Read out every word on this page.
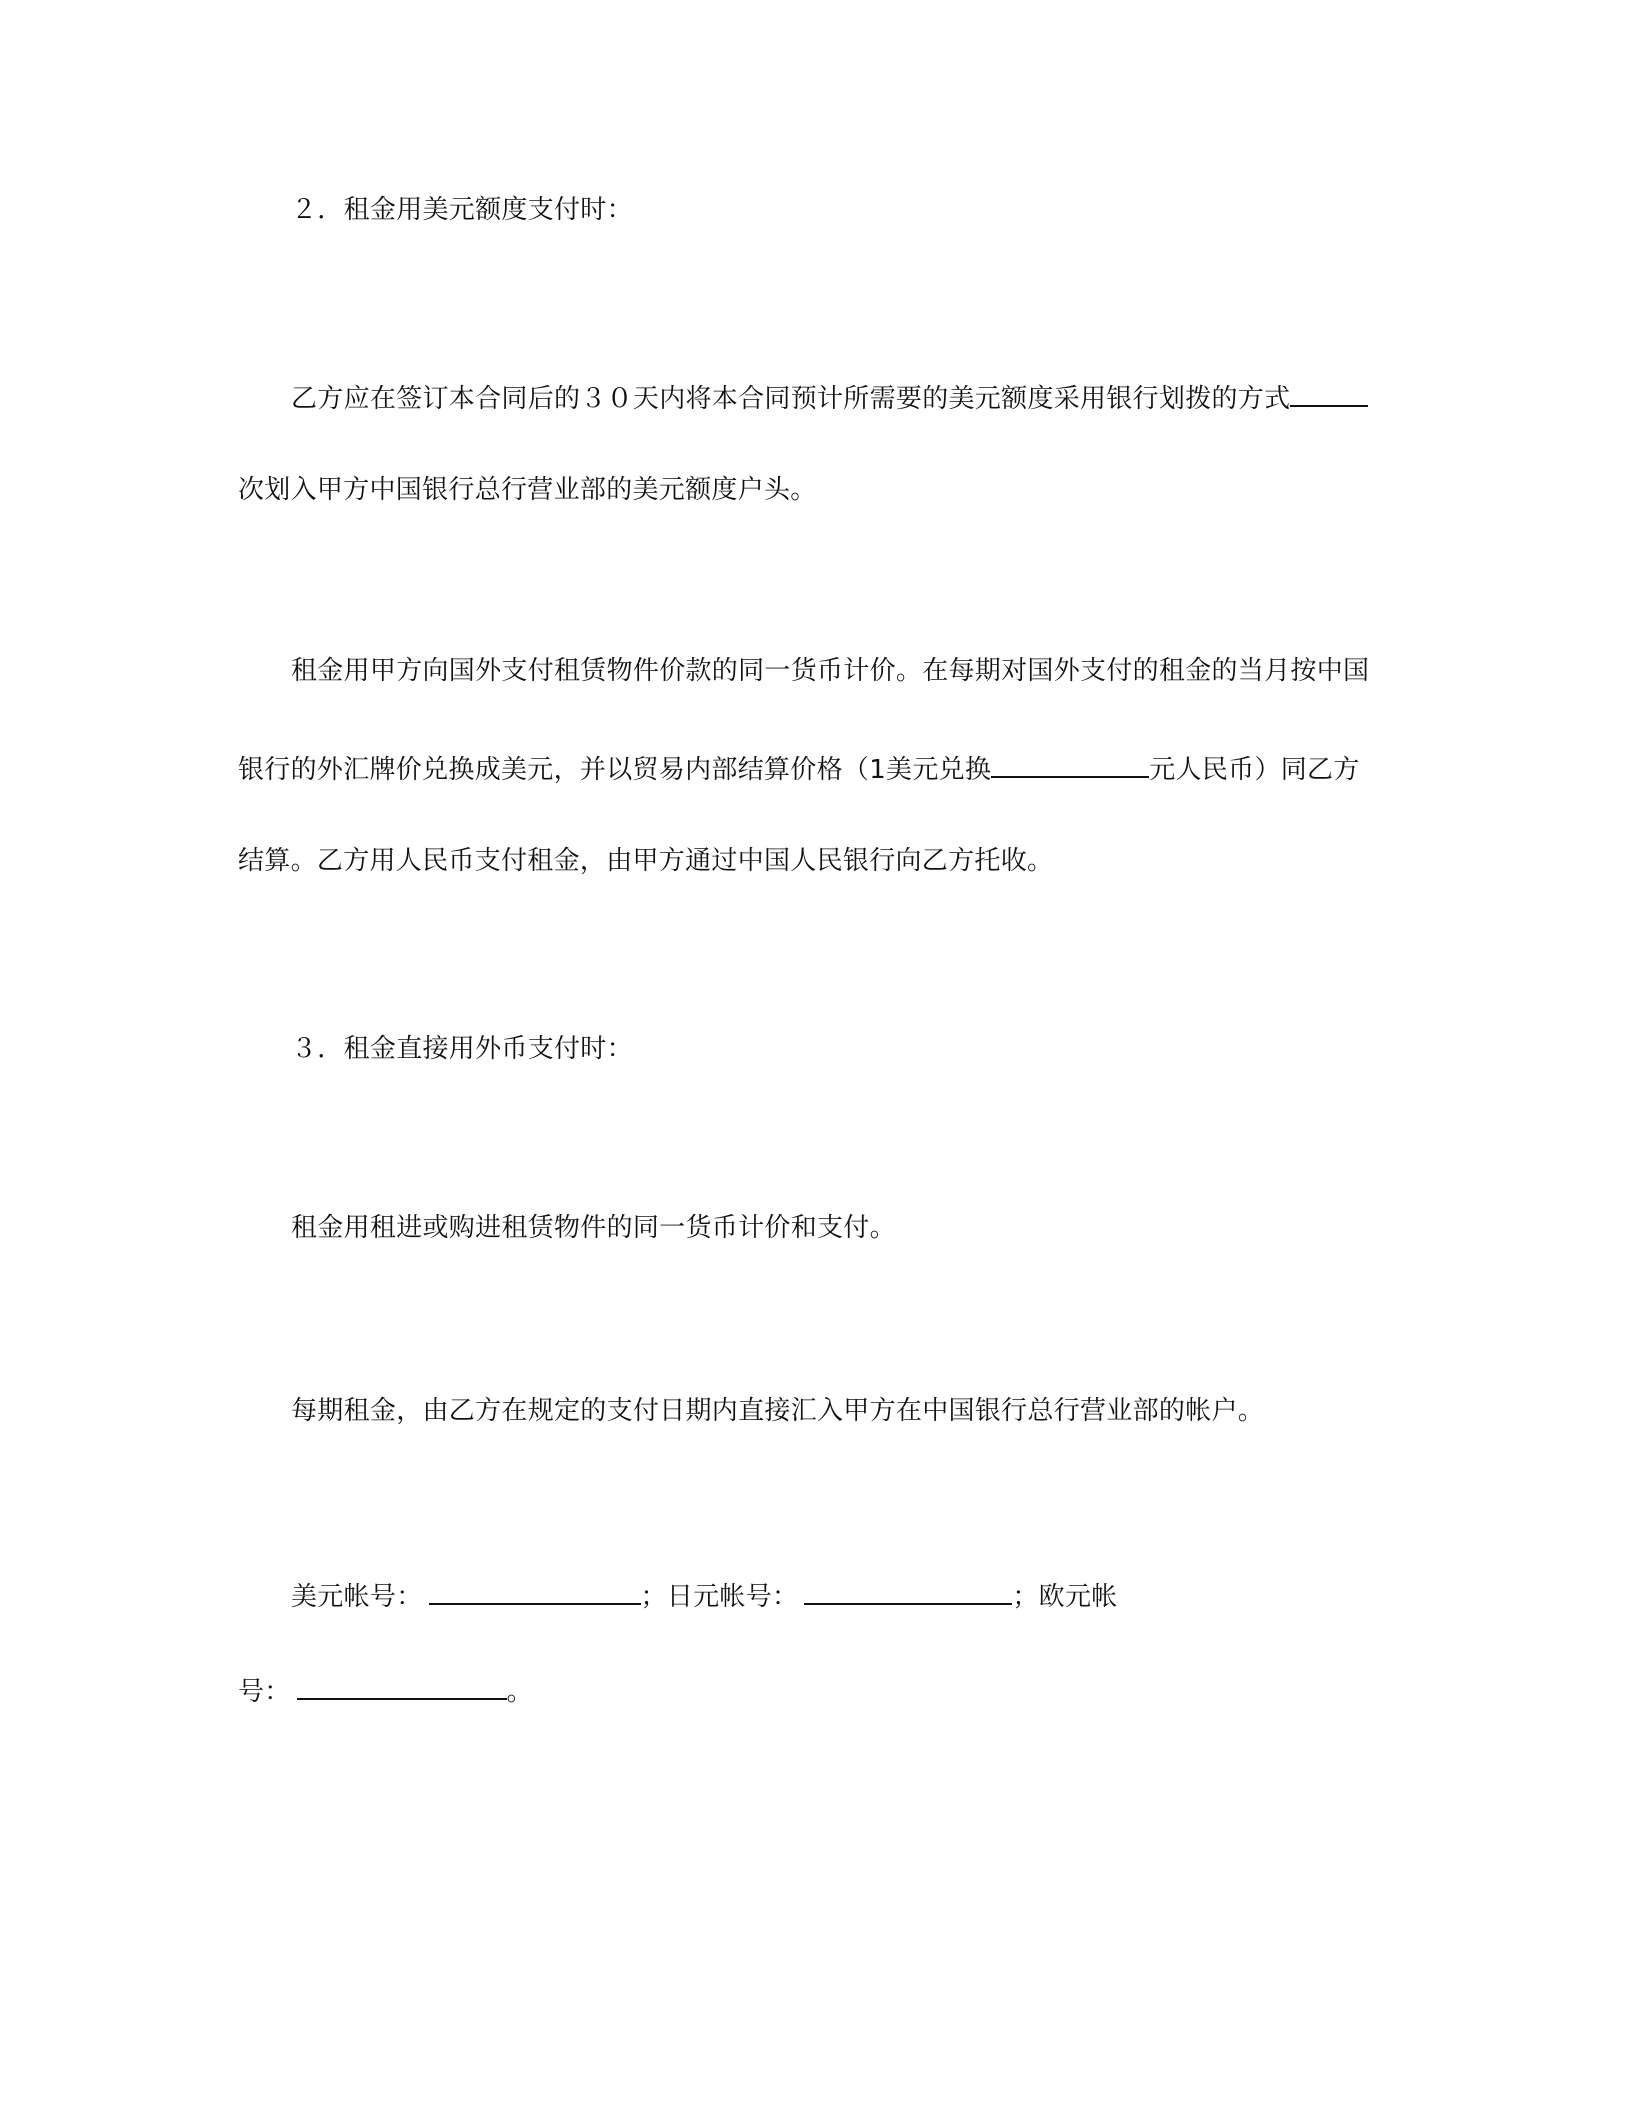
２．租金用美元额度支付时：
乙方应在签订本合同后的３０天内将本合同预计所需要的美元额度采用银行划拨的方式
次划入甲方中国银行总行营业部的美元额度户头。
租金用甲方向国外支付租赁物件价款的同一货币计价。在每期对国外支付的租金的当月按中国
银行的外汇牌价兑换成美元，并以贸易内部结算价格（1美元兑换	元人民币）同乙方
结算。乙方用人民币支付租金，由甲方通过中国人民银行向乙方托收。
３．租金直接用外币支付时：
租金用租进或购进租赁物件的同一货币计价和支付。
每期租金，由乙方在规定的支付日期内直接汇入甲方在中国银行总行营业部的帐户。
美元帐号：	；日元帐号：	；欧元帐
号：	。
